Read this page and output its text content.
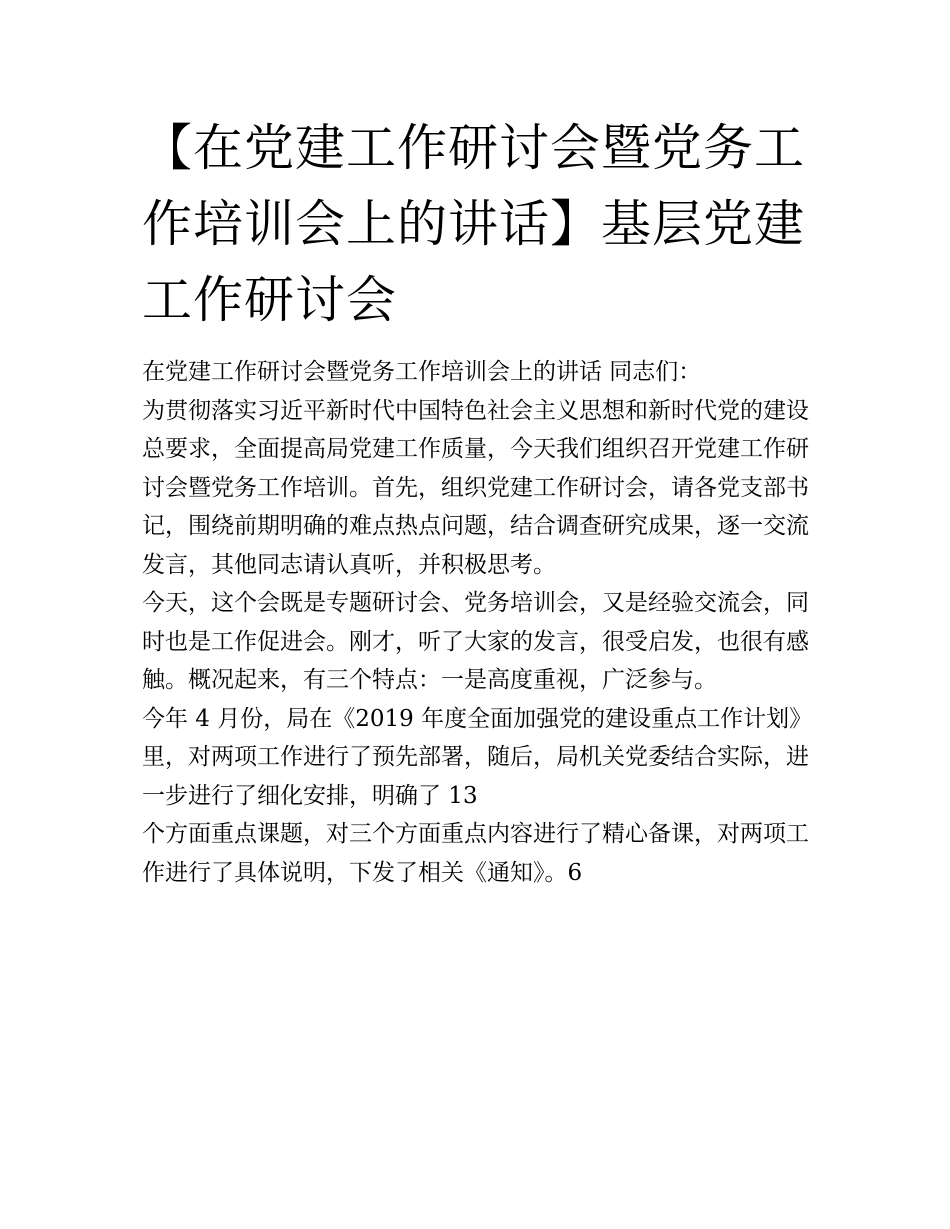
【在党建工作研讨会暨党务工作培训会上的讲话】基层党建工作研讨会

在党建工作研讨会暨党务工作培训会上的讲话 同志们：

为贯彻落实习近平新时代中国特色社会主义思想和新时代党的建设总要求，全面提高局党建工作质量，今天我们组织召开党建工作研讨会暨党务工作培训。首先，组织党建工作研讨会，请各党支部书记，围绕前期明确的难点热点问题，结合调查研究成果，逐一交流发言，其他同志请认真听，并积极思考。

今天，这个会既是专题研讨会、党务培训会，又是经验交流会，同时也是工作促进会。刚才，听了大家的发言，很受启发，也很有感触。概况起来，有三个特点：一是高度重视，广泛参与。

今年 4 月份，局在《2019 年度全面加强党的建设重点工作计划》里，对两项工作进行了预先部署，随后，局机关党委结合实际，进一步进行了细化安排，明确了 13

个方面重点课题，对三个方面重点内容进行了精心备课，对两项工作进行了具体说明，下发了相关《通知》。6
